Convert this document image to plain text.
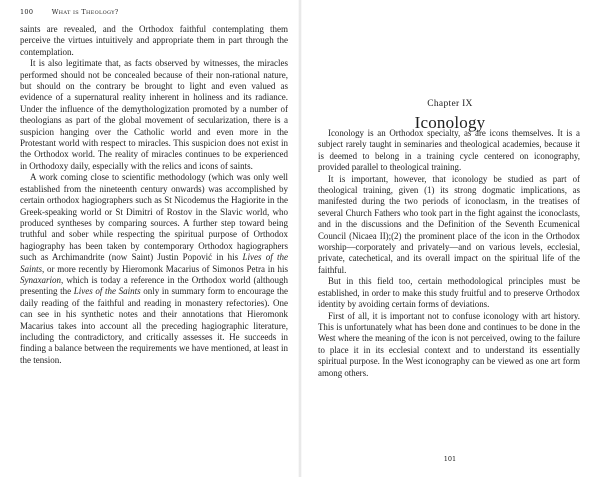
100	What is Theology?

saints are revealed, and the Orthodox faithful contemplating them perceive the virtues intuitively and appropriate them in part through the contemplation.

It is also legitimate that, as facts observed by witnesses, the miracles performed should not be concealed because of their non-rational nature, but should on the contrary be brought to light and even valued as evidence of a supernatural reality inherent in holiness and its radiance. Under the influence of the demythologization promoted by a number of theologians as part of the global movement of secularization, there is a suspicion hanging over the Catholic world and even more in the Protestant world with respect to miracles. This suspicion does not exist in the Orthodox world. The reality of miracles continues to be experienced in Orthodoxy daily, especially with the relics and icons of saints.

A work coming close to scientific methodology (which was only well established from the nineteenth century onwards) was accomplished by certain orthodox hagiographers such as St Nicodemus the Hagiorite in the Greek-speaking world or St Dimitri of Rostov in the Slavic world, who produced syntheses by comparing sources. A further step toward being truthful and sober while respecting the spiritual purpose of Orthodox hagiography has been taken by contemporary Orthodox hagiographers such as Archimandrite (now Saint) Justin Popović in his Lives of the Saints, or more recently by Hieromonk Macarius of Simonos Petra in his Synaxarion, which is today a reference in the Orthodox world (although presenting the Lives of the Saints only in summary form to encourage the daily reading of the faithful and reading in monastery refectories). One can see in his synthetic notes and their annotations that Hieromonk Macarius takes into account all the preceding hagiographic literature, including the contradictory, and critically assesses it. He succeeds in finding a balance between the requirements we have mentioned, at least in the tension.

Chapter IX
Iconology

Iconology is an Orthodox specialty, as are icons themselves. It is a subject rarely taught in seminaries and theological academies, because it is deemed to belong in a training cycle centered on iconography, provided parallel to theological training.

It is important, however, that iconology be studied as part of theological training, given (1) its strong dogmatic implications, as manifested during the two periods of iconoclasm, in the treatises of several Church Fathers who took part in the fight against the iconoclasts, and in the discussions and the Definition of the Seventh Ecumenical Council (Nicaea II);(2) the prominent place of the icon in the Orthodox worship—corporately and privately—and on various levels, ecclesial, private, catechetical, and its overall impact on the spiritual life of the faithful.

But in this field too, certain methodological principles must be established, in order to make this study fruitful and to preserve Orthodox identity by avoiding certain forms of deviations.

First of all, it is important not to confuse iconology with art history. This is unfortunately what has been done and continues to be done in the West where the meaning of the icon is not perceived, owing to the failure to place it in its ecclesial context and to understand its essentially spiritual purpose. In the West iconography can be viewed as one art form among others.

101
